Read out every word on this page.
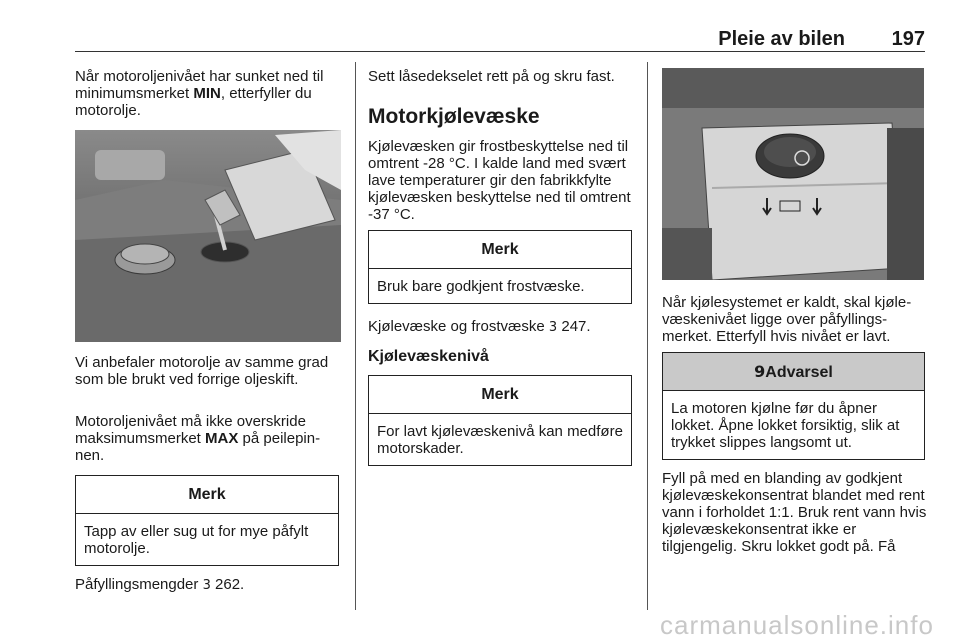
Pleie av bilen 197
Når motoroljenivået har sunket ned til minimumsmerket MIN, etterfyller du motorolje.
Vi anbefaler motorolje av samme grad som ble brukt ved forrige oljeskift.
Motoroljenivået må ikke overskride maksimumsmerket MAX på peilepinnen.
Merk
Tapp av eller sug ut for mye påfylt motorolje.
Påfyllingsmengder 3 262.
Sett låsedekselet rett på og skru fast.
Motorkjølevæske
Kjølevæsken gir frostbeskyttelse ned til omtrent -28 °C. I kalde land med svært lave temperaturer gir den fabrikkfylte kjølevæsken beskyttelse ned til omtrent -37 °C.
Merk
Bruk bare godkjent frostvæske.
Kjølevæske og frostvæske 3 247.
Kjølevæskenivå
Merk
For lavt kjølevæskenivå kan medføre motorskader.
Når kjølesystemet er kaldt, skal kjølevæskenivået ligge over påfyllingsmerket. Etterfyll hvis nivået er lavt.
9Advarsel
La motoren kjølne før du åpner lokket. Åpne lokket forsiktig, slik at trykket slippes langsomt ut.
Fyll på med en blanding av godkjent kjølevæskekonsentrat blandet med rent vann i forholdet 1:1. Bruk rent vann hvis kjølevæskekonsentrat ikke er tilgjengelig. Skru lokket godt på. Få
carmanualsonline.info
